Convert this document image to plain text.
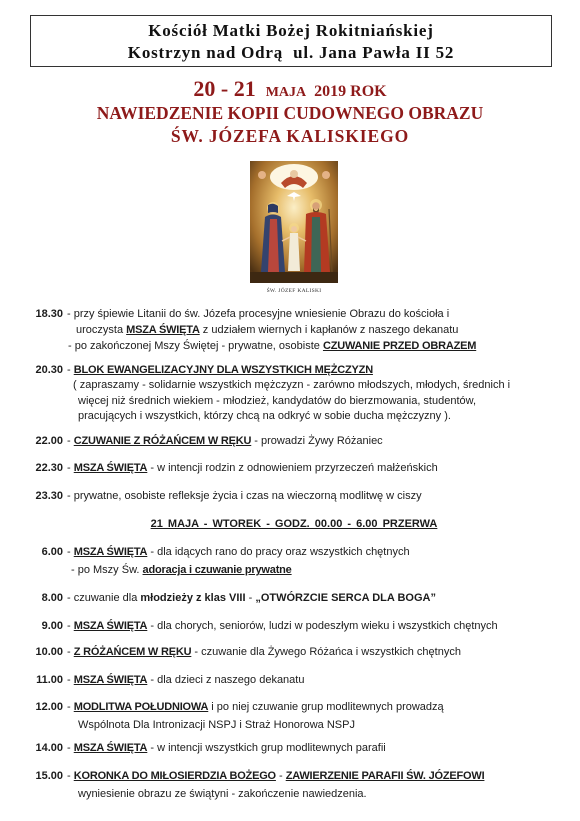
Kościół Matki Bożej Rokitniańskiej
Kostrzyn nad Odrą  ul. Jana Pawła II 52
20 - 21 MAJA 2019 ROK
NAWIEDZENIE KOPII CUDOWNEGO OBRAZU
ŚW. JÓZEFA KALISKIEGO
ŚW. JÓZEF KALISKI
18.30 - przy śpiewie Litanii do św. Józefa procesyjne wniesienie Obrazu do kościoła i
uroczysta MSZA ŚWIĘTA z udziałem wiernych i kapłanów z naszego dekanatu
- po zakończonej Mszy Świętej - prywatne, osobiste CZUWANIE PRZED OBRAZEM
20.30 - BLOK EWANGELIZACYJNY DLA WSZYSTKICH MĘŻCZYZN
( zapraszamy - solidarnie wszystkich mężczyzn - zarówno młodszych, młodych, średnich i
więcej niż średnich wiekiem - młodzież, kandydatów do bierzmowania, studentów,
pracujących i wszystkich, którzy chcą na odkryć w sobie ducha mężczyzny ).
22.00 - CZUWANIE Z RÓŻAŃCEM W RĘKU - prowadzi Żywy Różaniec
22.30 - MSZA ŚWIĘTA - w intencji rodzin z odnowieniem przyrzeczeń małżeńskich
23.30 - prywatne, osobiste refleksje życia i czas na wieczorną modlitwę w ciszy
21 MAJA - WTOREK - GODZ. 00.00 - 6.00 PRZERWA
6.00 - MSZA ŚWIĘTA - dla idących rano do pracy oraz wszystkich chętnych
- po Mszy Św. adoracja i czuwanie prywatne
8.00 - czuwanie dla młodzieży z klas VIII - „OTWÓRZCIE SERCA DLA BOGA”
9.00 - MSZA ŚWIĘTA - dla chorych, seniorów, ludzi w podeszłym wieku i wszystkich chętnych
10.00 - Z RÓŻAŃCEM W RĘKU - czuwanie dla Żywego Różańca i wszystkich chętnych
11.00 - MSZA ŚWIĘTA - dla dzieci z naszego dekanatu
12.00 - MODLITWA POŁUDNIOWA i po niej czuwanie grup modlitewnych prowadzą
Wspólnota Dla Intronizacji NSPJ i Straż Honorowa NSPJ
14.00 - MSZA ŚWIĘTA - w intencji wszystkich grup modlitewnych parafii
15.00 - KORONKA DO MIŁOSIERDZIA BOŻEGO - ZAWIERZENIE PARAFII ŚW. JÓZEFOWI
wyniesienie obrazu ze świątyni - zakończenie nawiedzenia.
